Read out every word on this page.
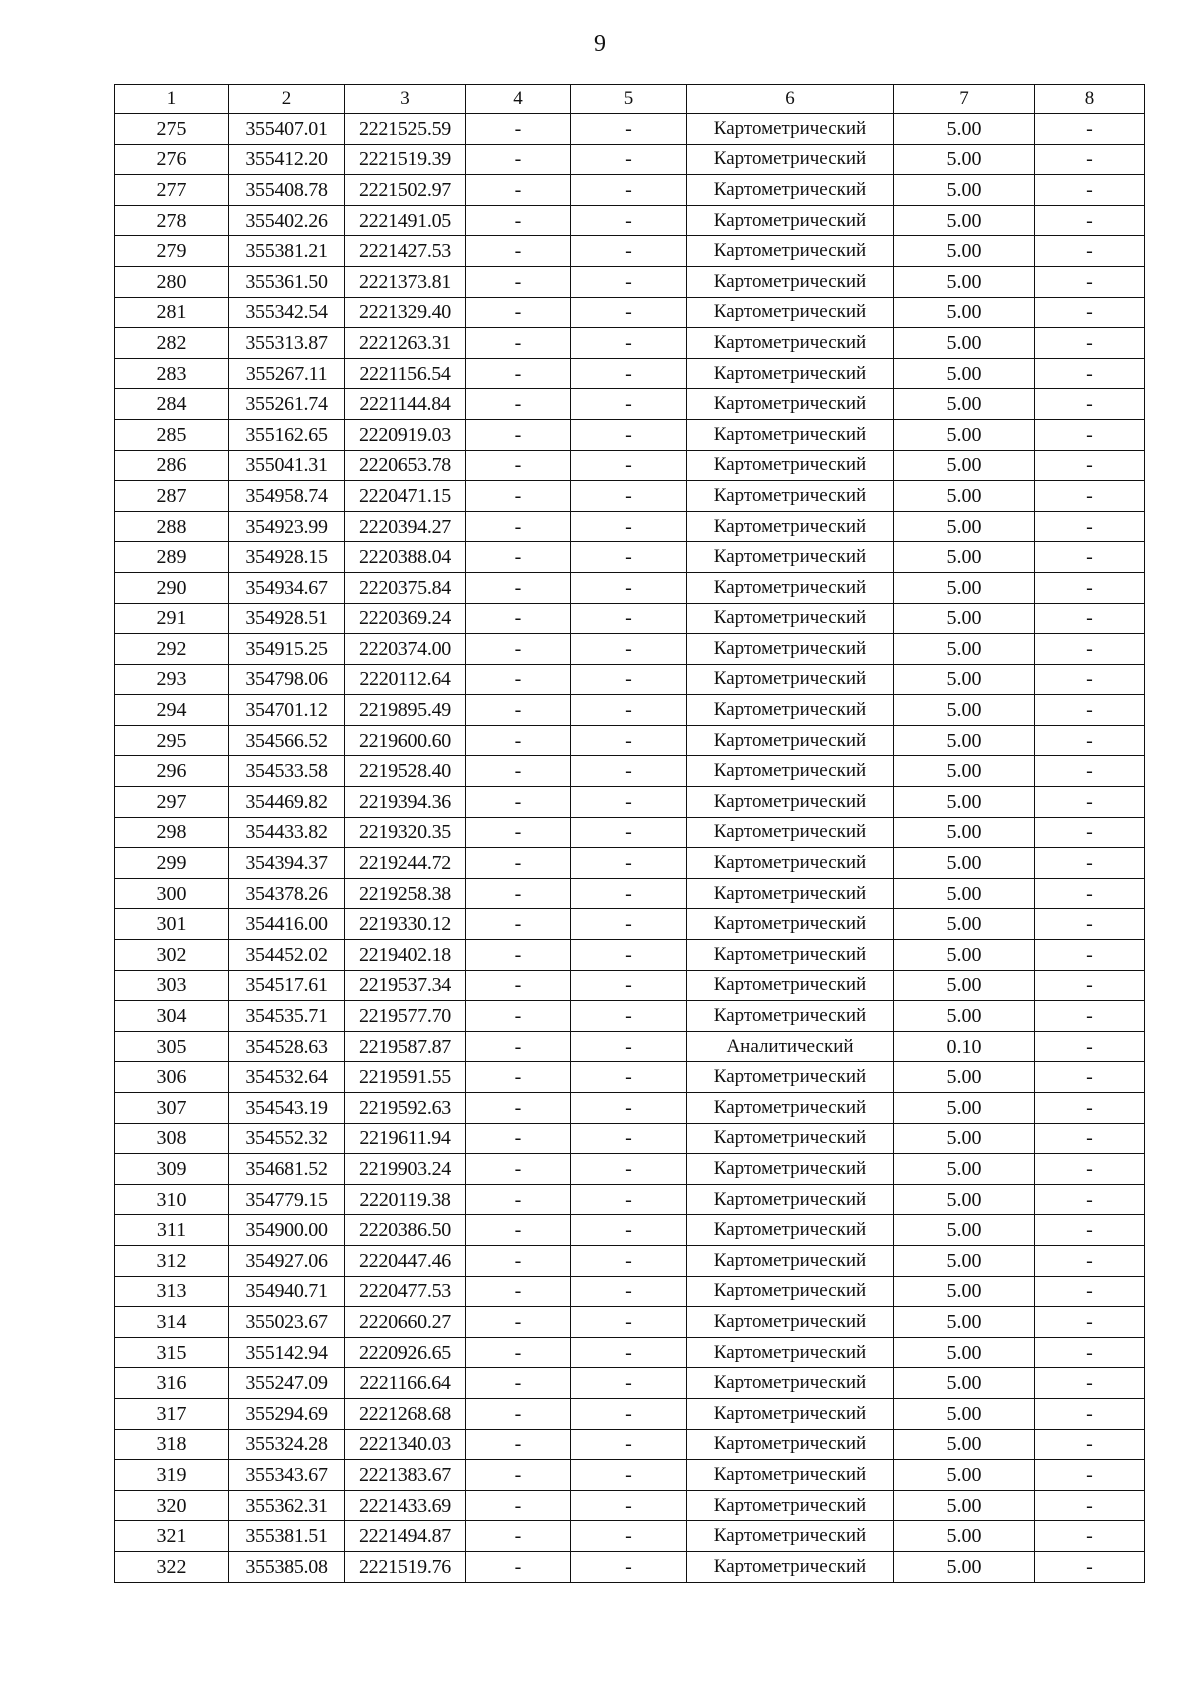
9
1	2	3	4	5	6	7	8
275	355407.01	2221525.59	-	-	Картометрический	5.00	-
276	355412.20	2221519.39	-	-	Картометрический	5.00	-
277	355408.78	2221502.97	-	-	Картометрический	5.00	-
278	355402.26	2221491.05	-	-	Картометрический	5.00	-
279	355381.21	2221427.53	-	-	Картометрический	5.00	-
280	355361.50	2221373.81	-	-	Картометрический	5.00	-
281	355342.54	2221329.40	-	-	Картометрический	5.00	-
282	355313.87	2221263.31	-	-	Картометрический	5.00	-
283	355267.11	2221156.54	-	-	Картометрический	5.00	-
284	355261.74	2221144.84	-	-	Картометрический	5.00	-
285	355162.65	2220919.03	-	-	Картометрический	5.00	-
286	355041.31	2220653.78	-	-	Картометрический	5.00	-
287	354958.74	2220471.15	-	-	Картометрический	5.00	-
288	354923.99	2220394.27	-	-	Картометрический	5.00	-
289	354928.15	2220388.04	-	-	Картометрический	5.00	-
290	354934.67	2220375.84	-	-	Картометрический	5.00	-
291	354928.51	2220369.24	-	-	Картометрический	5.00	-
292	354915.25	2220374.00	-	-	Картометрический	5.00	-
293	354798.06	2220112.64	-	-	Картометрический	5.00	-
294	354701.12	2219895.49	-	-	Картометрический	5.00	-
295	354566.52	2219600.60	-	-	Картометрический	5.00	-
296	354533.58	2219528.40	-	-	Картометрический	5.00	-
297	354469.82	2219394.36	-	-	Картометрический	5.00	-
298	354433.82	2219320.35	-	-	Картометрический	5.00	-
299	354394.37	2219244.72	-	-	Картометрический	5.00	-
300	354378.26	2219258.38	-	-	Картометрический	5.00	-
301	354416.00	2219330.12	-	-	Картометрический	5.00	-
302	354452.02	2219402.18	-	-	Картометрический	5.00	-
303	354517.61	2219537.34	-	-	Картометрический	5.00	-
304	354535.71	2219577.70	-	-	Картометрический	5.00	-
305	354528.63	2219587.87	-	-	Аналитический	0.10	-
306	354532.64	2219591.55	-	-	Картометрический	5.00	-
307	354543.19	2219592.63	-	-	Картометрический	5.00	-
308	354552.32	2219611.94	-	-	Картометрический	5.00	-
309	354681.52	2219903.24	-	-	Картометрический	5.00	-
310	354779.15	2220119.38	-	-	Картометрический	5.00	-
311	354900.00	2220386.50	-	-	Картометрический	5.00	-
312	354927.06	2220447.46	-	-	Картометрический	5.00	-
313	354940.71	2220477.53	-	-	Картометрический	5.00	-
314	355023.67	2220660.27	-	-	Картометрический	5.00	-
315	355142.94	2220926.65	-	-	Картометрический	5.00	-
316	355247.09	2221166.64	-	-	Картометрический	5.00	-
317	355294.69	2221268.68	-	-	Картометрический	5.00	-
318	355324.28	2221340.03	-	-	Картометрический	5.00	-
319	355343.67	2221383.67	-	-	Картометрический	5.00	-
320	355362.31	2221433.69	-	-	Картометрический	5.00	-
321	355381.51	2221494.87	-	-	Картометрический	5.00	-
322	355385.08	2221519.76	-	-	Картометрический	5.00	-
